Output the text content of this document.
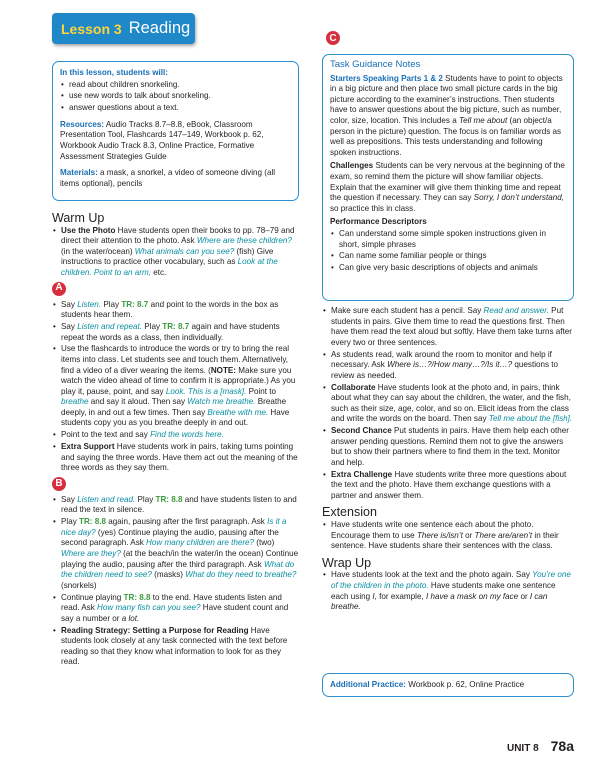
Lesson 3 Reading

In this lesson, students will:

• read about children snorkeling.
• use new words to talk about snorkeling.
• answer questions about a text.

Resources: Audio Tracks 8.7–8.8, eBook, Classroom Presentation Tool, Flashcards 147–149, Workbook p. 62, Workbook Audio Track 8.3, Online Practice, Formative Assessment Strategies Guide

Materials: a mask, a snorkel, a video of someone diving (all items optional), pencils

Warm Up
• Use the Photo Have students open their books to pp. 78–79 and direct their attention to the photo. Ask Where are these children? (in the water/ocean) What animals can you see? (fish) Give instructions to practice other vocabulary, such as Look at the children. Point to an arm, etc.
A
• Say Listen. Play TR: 8.7 and point to the words in the box as students hear them.
• Say Listen and repeat. Play TR: 8.7 again and have students repeat the words as a class, then individually.
• Use the flashcards to introduce the words or try to bring the real items into class. Let students see and touch them. Alternatively, find a video of a diver wearing the items. (NOTE: Make sure you watch the video ahead of time to confirm it is appropriate.) As you play it, pause, point, and say Look. This is a [mask]. Point to breathe and say it aloud. Then say Watch me breathe. Breathe deeply, in and out a few times. Then say Breathe with me. Have students copy you as you breathe deeply in and out.
• Point to the text and say Find the words here.
• Extra Support Have students work in pairs, taking turns pointing and saying the three words. Have them act out the meaning of the three words as they say them.
B
• Say Listen and read. Play TR: 8.8 and have students listen to and read the text in silence.
• Play TR: 8.8 again, pausing after the first paragraph. Ask Is it a nice day? (yes) Continue playing the audio, pausing after the second paragraph. Ask How many children are there? (two) Where are they? (at the beach/in the water/in the ocean) Continue playing the audio, pausing after the third paragraph. Ask What do the children need to see? (masks) What do they need to breathe? (snorkels)
• Continue playing TR: 8.8 to the end. Have students listen and read. Ask How many fish can you see? Have student count and say a number or a lot.
• Reading Strategy: Setting a Purpose for Reading Have students look closely at any task connected with the text before reading so that they know what information to look for as they read.
C

Task Guidance Notes

Starters Speaking Parts 1 & 2 Students have to point to objects in a big picture and then place two small picture cards in the big picture according to the examiner’s instructions. Then students have to answer questions about the big picture, such as number, color, size, location. This includes a Tell me about (an object/a person in the picture) question. The focus is on familiar words as well as prepositions. This tests understanding and following spoken instructions.

Challenges Students can be very nervous at the beginning of the exam, so remind them the picture will show familiar objects. Explain that the examiner will give them thinking time and repeat the question if necessary. They can say Sorry, I don’t understand, so practice this in class.

Performance Descriptors

• Can understand some simple spoken instructions given in short, simple phrases
• Can name some familiar people or things
• Can give very basic descriptions of objects and animals
• Make sure each student has a pencil. Say Read and answer. Put students in pairs. Give them time to read the questions first. Then have them read the text aloud but softly. Have them take turns after every two or three sentences.
• As students read, walk around the room to monitor and help if necessary. Ask Where is…?/How many…?/Is it…? questions to review as needed.
• Collaborate Have students look at the photo and, in pairs, think about what they can say about the children, the water, and the fish, such as their size, age, color, and so on. Elicit ideas from the class and write the words on the board. Then say Tell me about the [fish].
• Second Chance Put students in pairs. Have them help each other answer pending questions. Remind them not to give the answers but to show their partners where to find them in the text. Monitor and help.
• Extra Challenge Have students write three more questions about the text and the photo. Have them exchange questions with a partner and answer them.
Extension
• Have students write one sentence each about the photo. Encourage them to use There is/isn’t or There are/aren’t in their sentence. Have students share their sentences with the class.
Wrap Up
• Have students look at the text and the photo again. Say You’re one of the children in the photo. Have students make one sentence each using I, for example, I have a mask on my face or I can breathe.
Additional Practice:
Workbook p. 62, Online Practice
UNIT 8 78a
